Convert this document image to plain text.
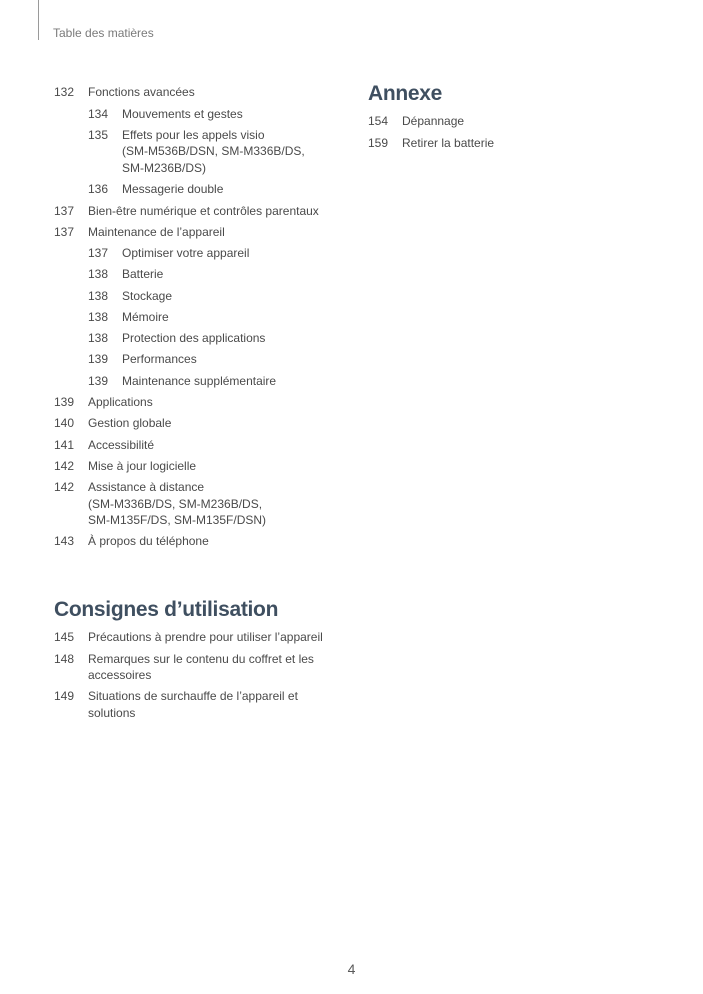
Table des matières
132	Fonctions avancées
134	Mouvements et gestes
135	Effets pour les appels visio
(SM-M536B/DSN, SM-M336B/DS,
SM-M236B/DS)
136	Messagerie double
137	Bien-être numérique et contrôles parentaux
137	Maintenance de l’appareil
137	Optimiser votre appareil
138	Batterie
138	Stockage
138	Mémoire
138	Protection des applications
139	Performances
139	Maintenance supplémentaire
139	Applications
140	Gestion globale
141	Accessibilité
142	Mise à jour logicielle
142	Assistance à distance
(SM-M336B/DS, SM-M236B/DS,
SM-M135F/DS, SM-M135F/DSN)
143	À propos du téléphone
Consignes d’utilisation
145	Précautions à prendre pour utiliser l’appareil
148	Remarques sur le contenu du coffret et les
accessoires
149	Situations de surchauffe de l’appareil et
solutions
Annexe
154	Dépannage
159	Retirer la batterie
4
